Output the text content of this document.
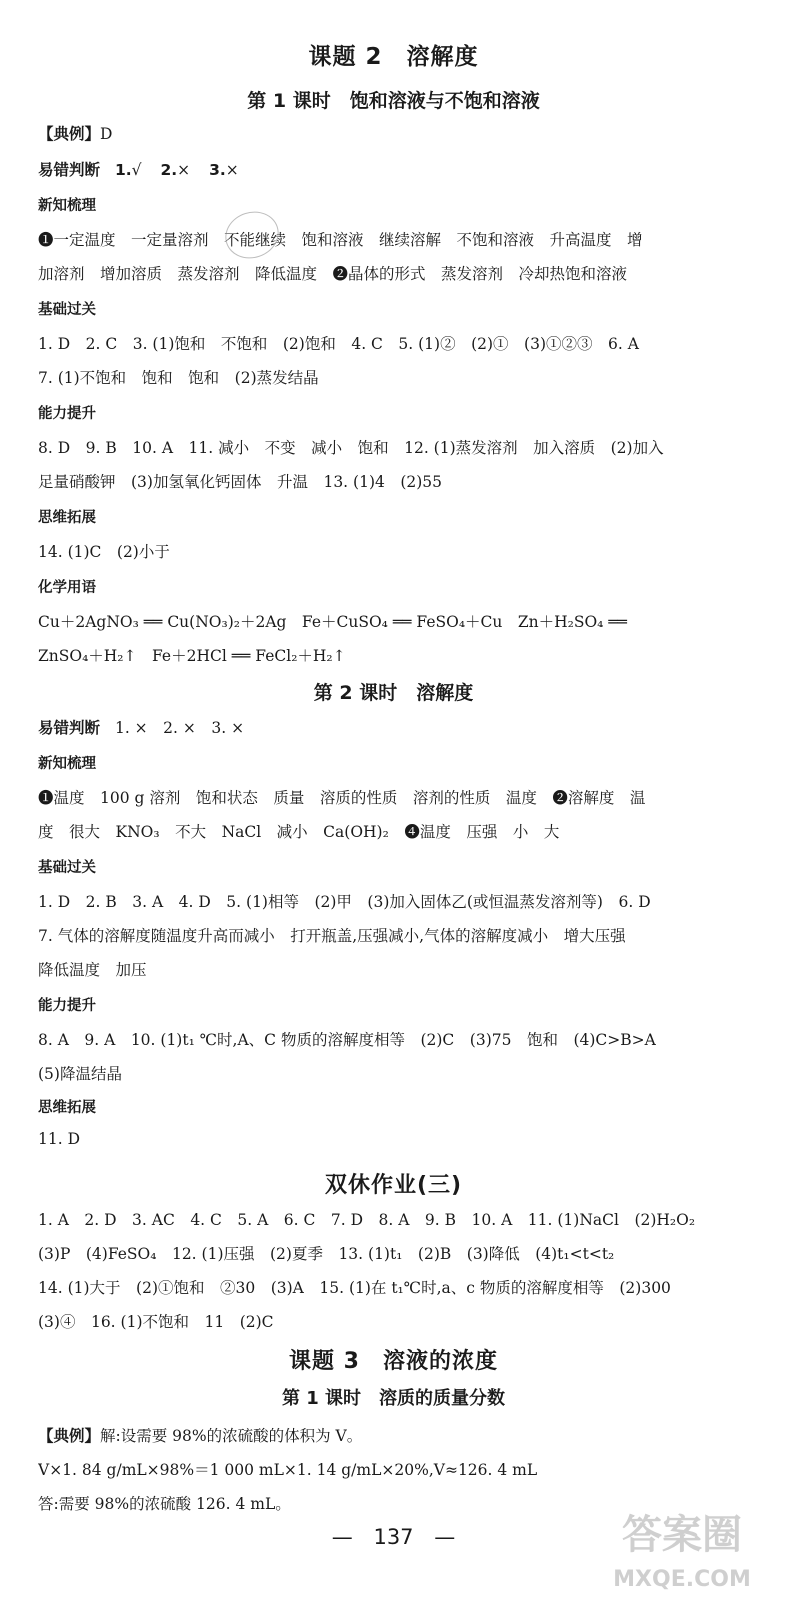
课题 2　溶解度
第 1 课时　饱和溶液与不饱和溶液
【典例】D
易错判断 1.√ 2.× 3.×
新知梳理
❶一定温度　一定量溶剂　不能继续　饱和溶液　继续溶解　不饱和溶液　升高温度　增
加溶剂　增加溶质　蒸发溶剂　降低温度　❷晶体的形式　蒸发溶剂　冷却热饱和溶液
基础过关
1. D　2. C　3. (1)饱和　不饱和　(2)饱和　4. C　5. (1)②　(2)①　(3)①②③　6. A
7. (1)不饱和　饱和　饱和　(2)蒸发结晶
能力提升
8. D　9. B　10. A　11. 减小　不变　减小　饱和　12. (1)蒸发溶剂　加入溶质　(2)加入
足量硝酸钾　(3)加氢氧化钙固体　升温　13. (1)4　(2)55
思维拓展
14. (1)C　(2)小于
化学用语
Cu＋2AgNO₃ ══ Cu(NO₃)₂＋2Ag　Fe＋CuSO₄ ══ FeSO₄＋Cu　Zn＋H₂SO₄ ══
ZnSO₄＋H₂↑　Fe＋2HCl ══ FeCl₂＋H₂↑
第 2 课时　溶解度
易错判断 1. ×　2. ×　3. ×
新知梳理
❶温度　100 g 溶剂　饱和状态　质量　溶质的性质　溶剂的性质　温度　❷溶解度　温
度　很大　KNO₃　不大　NaCl　减小　Ca(OH)₂　❹温度　压强　小　大
基础过关
1. D　2. B　3. A　4. D　5. (1)相等　(2)甲　(3)加入固体乙(或恒温蒸发溶剂等)　6. D
7. 气体的溶解度随温度升高而减小　打开瓶盖,压强减小,气体的溶解度减小　增大压强
降低温度　加压
能力提升
8. A　9. A　10. (1)t₁ ℃时,A、C 物质的溶解度相等　(2)C　(3)75　饱和　(4)C>B>A
(5)降温结晶
思维拓展
11. D
双休作业(三)
1. A　2. D　3. AC　4. C　5. A　6. C　7. D　8. A　9. B　10. A　11. (1)NaCl　(2)H₂O₂
(3)P　(4)FeSO₄　12. (1)压强　(2)夏季　13. (1)t₁　(2)B　(3)降低　(4)t₁<t<t₂
14. (1)大于　(2)①饱和　②30　(3)A　15. (1)在 t₁℃时,a、c 物质的溶解度相等　(2)300
(3)④　16. (1)不饱和　11　(2)C
课题 3　溶液的浓度
第 1 课时　溶质的质量分数
【典例】解:设需要 98%的浓硫酸的体积为 V。
V×1. 84 g/mL×98%＝1 000 mL×1. 14 g/mL×20%,V≈126. 4 mL
答:需要 98%的浓硫酸 126. 4 mL。
— 137 —	答案圈
MXQE.COM
